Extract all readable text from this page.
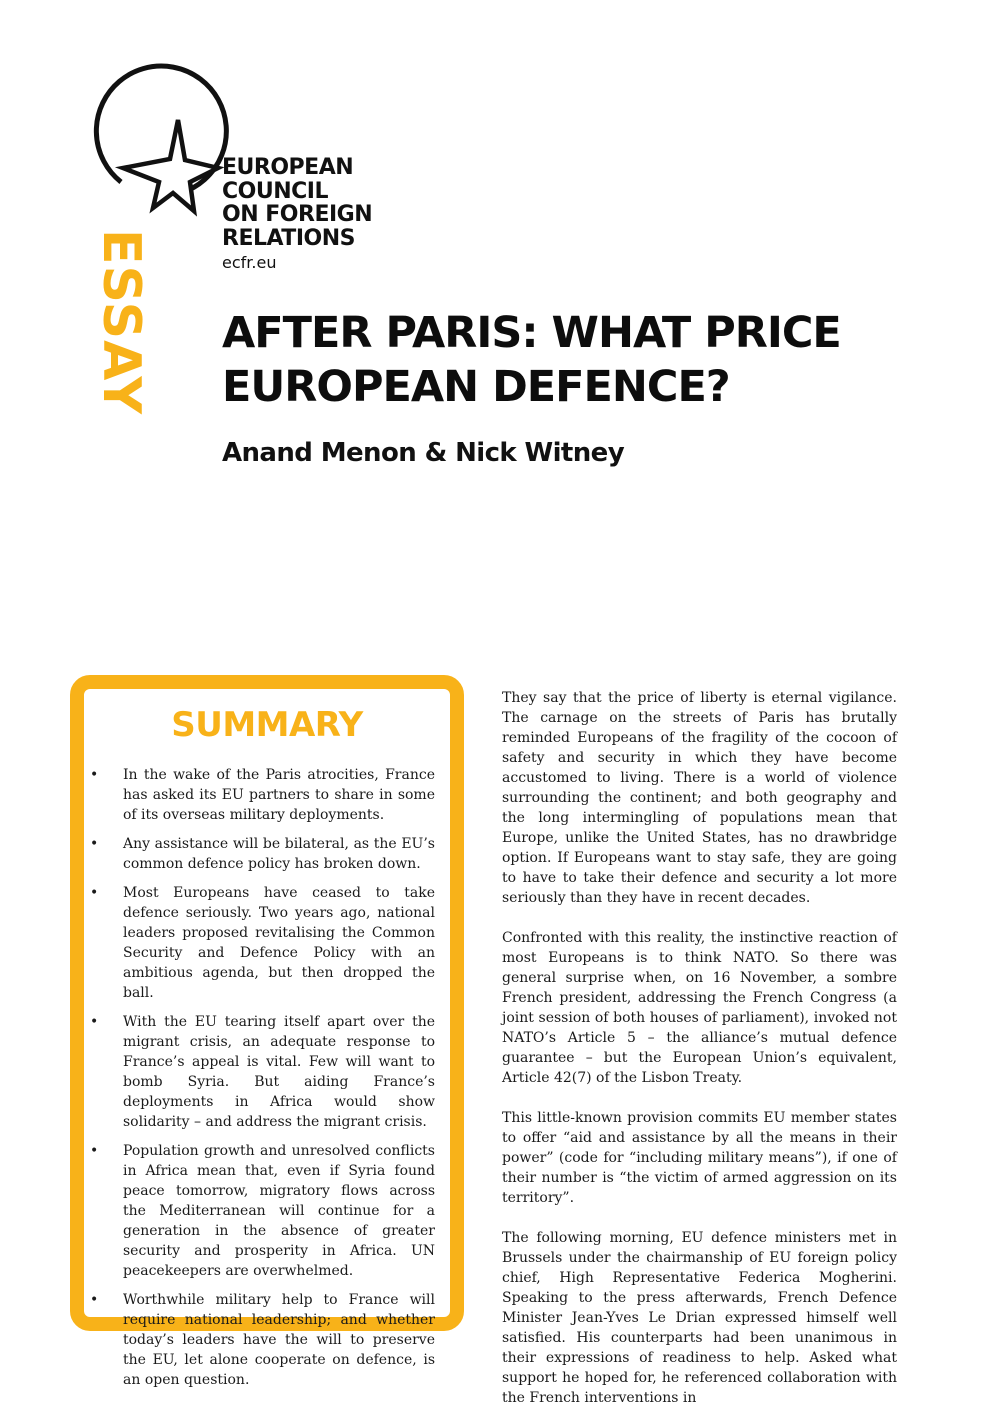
EUROPEAN
COUNCIL
ON FOREIGN
RELATIONS
ecfr.eu
ESSAY AFTER PARIS: WHAT PRICE
EUROPEAN DEFENCE?
Anand Menon & Nick Witney
SUMMARY
• In the wake of the Paris atrocities, France has asked its EU partners to share in some of its overseas military deployments.
• Any assistance will be bilateral, as the EU’s common defence policy has broken down.
• Most Europeans have ceased to take defence seriously. Two years ago, national leaders proposed revitalising the Common Security and Defence Policy with an ambitious agenda, but then dropped the ball.
• With the EU tearing itself apart over the migrant crisis, an adequate response to France’s appeal is vital. Few will want to bomb Syria. But aiding France’s deployments in Africa would show solidarity – and address the migrant crisis.
• Population growth and unresolved conflicts in Africa mean that, even if Syria found peace tomorrow, migratory flows across the Mediterranean will continue for a generation in the absence of greater security and prosperity in Africa. UN peacekeepers are overwhelmed.
• Worthwhile military help to France will require national leadership; and whether today’s leaders have the will to preserve the EU, let alone cooperate on defence, is an open question.

They say that the price of liberty is eternal vigilance. The carnage on the streets of Paris has brutally reminded Europeans of the fragility of the cocoon of safety and security in which they have become accustomed to living. There is a world of violence surrounding the continent; and both geography and the long intermingling of populations mean that Europe, unlike the United States, has no drawbridge option. If Europeans want to stay safe, they are going to have to take their defence and security a lot more seriously than they have in recent decades.

Confronted with this reality, the instinctive reaction of most Europeans is to think NATO. So there was general surprise when, on 16 November, a sombre French president, addressing the French Congress (a joint session of both houses of parliament), invoked not NATO’s Article 5 – the alliance’s mutual defence guarantee – but the European Union’s equivalent, Article 42(7) of the Lisbon Treaty.

This little-known provision commits EU member states to offer “aid and assistance by all the means in their power” (code for “including military means”), if one of their number is “the victim of armed aggression on its territory”.

The following morning, EU defence ministers met in Brussels under the chairmanship of EU foreign policy chief, High Representative Federica Mogherini. Speaking to the press afterwards, French Defence Minister Jean-Yves Le Drian expressed himself well satisfied. His counterparts had been unanimous in their expressions of readiness to help. Asked what support he hoped for, he referenced collaboration with the French interventions in
